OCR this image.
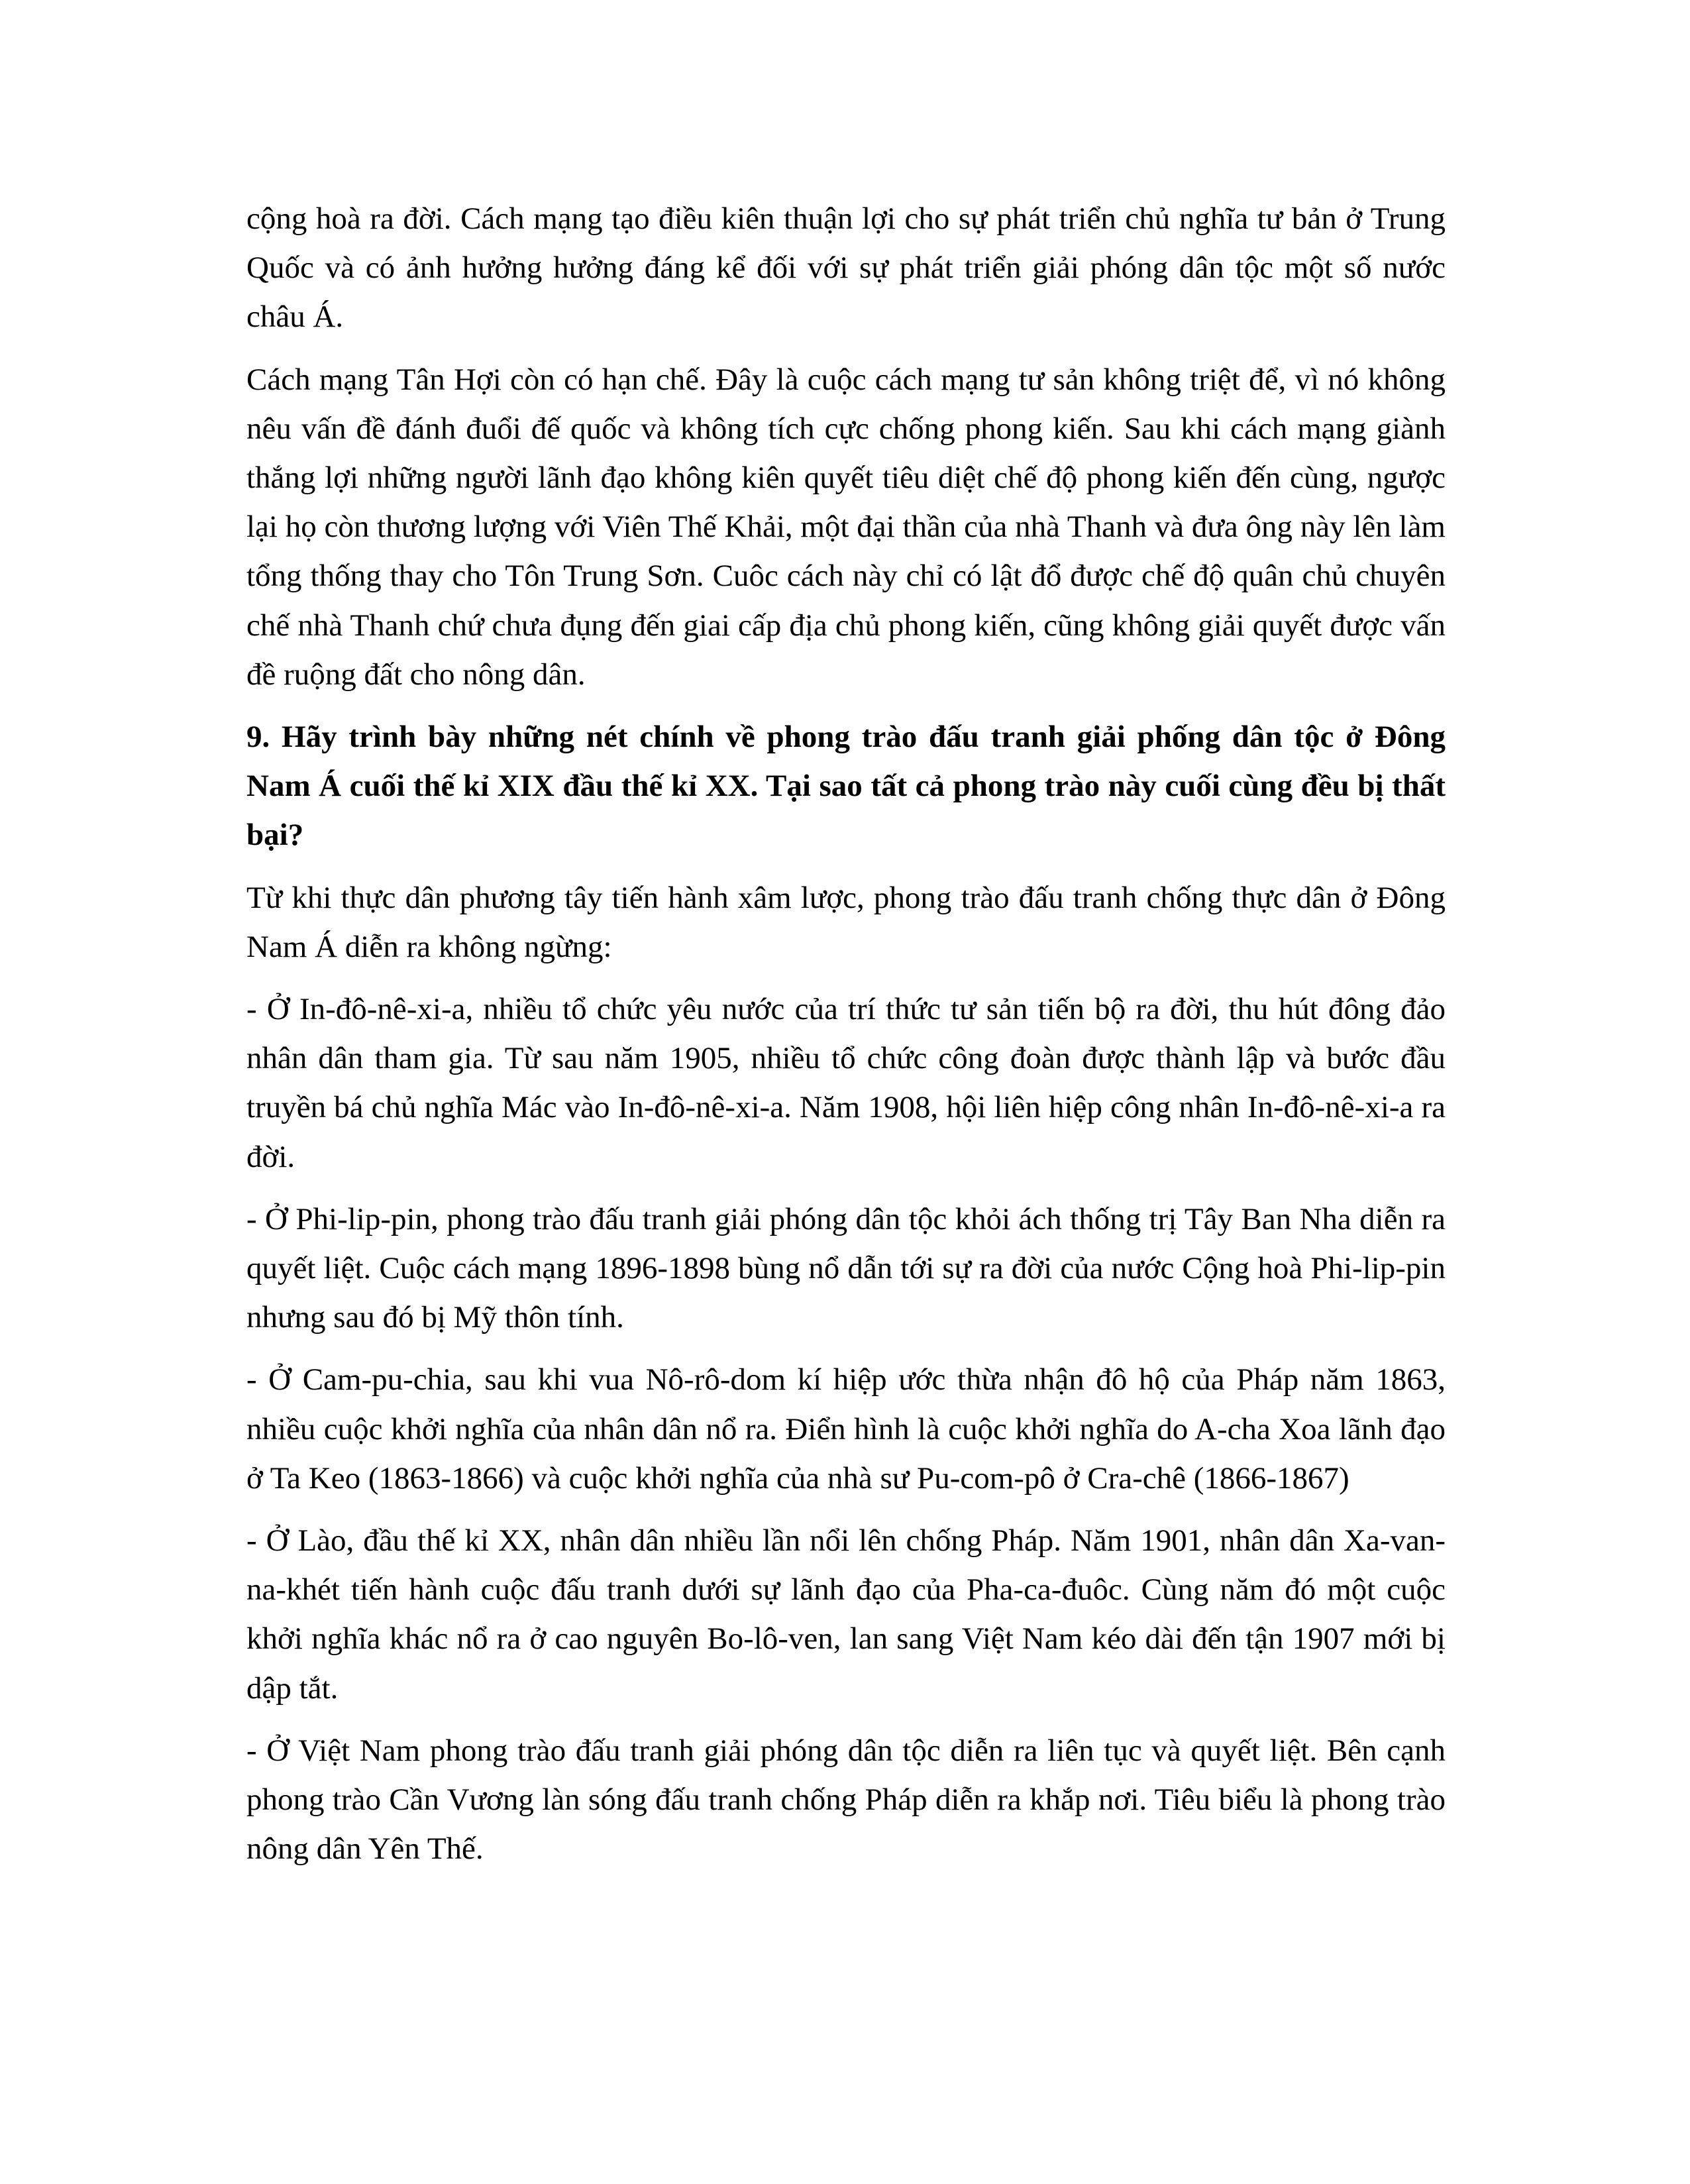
cộng hoà ra đời. Cách mạng tạo điều kiên thuận lợi cho sự phát triển chủ nghĩa tư bản ở Trung Quốc và có ảnh hưởng hưởng đáng kể đối với sự phát triển giải phóng dân tộc một số nước châu Á.

Cách mạng Tân Hợi còn có hạn chế. Đây là cuộc cách mạng tư sản không triệt để, vì nó không nêu vấn đề đánh đuổi đế quốc và không tích cực chống phong kiến. Sau khi cách mạng giành thắng lợi những người lãnh đạo không kiên quyết tiêu diệt chế độ phong kiến đến cùng, ngược lại họ còn thương lượng với Viên Thế Khải, một đại thần của nhà Thanh và đưa ông này lên làm tổng thống thay cho Tôn Trung Sơn. Cuôc cách này chỉ có lật đổ được chế độ quân chủ chuyên chế nhà Thanh chứ chưa đụng đến giai cấp địa chủ phong kiến, cũng không giải quyết được vấn đề ruộng đất cho nông dân.

9. Hãy trình bày những nét chính về phong trào đấu tranh giải phống dân tộc ở Đông Nam Á cuối thế kỉ XIX đầu thế kỉ XX. Tại sao tất cả phong trào này cuối cùng đều bị thất bại?

Từ khi thực dân phương tây tiến hành xâm lược, phong trào đấu tranh chống thực dân ở Đông Nam Á diễn ra không ngừng:

- Ở In-đô-nê-xi-a, nhiều tổ chức yêu nước của trí thức tư sản tiến bộ ra đời, thu hút đông đảo nhân dân tham gia. Từ sau năm 1905, nhiều tổ chức công đoàn được thành lập và bước đầu truyền bá chủ nghĩa Mác vào In-đô-nê-xi-a. Năm 1908, hội liên hiệp công nhân In-đô-nê-xi-a ra đời.

- Ở Phi-lip-pin, phong trào đấu tranh giải phóng dân tộc khỏi ách thống trị Tây Ban Nha diễn ra quyết liệt. Cuộc cách mạng 1896-1898 bùng nổ dẫn tới sự ra đời của nước Cộng hoà Phi-lip-pin nhưng sau đó bị Mỹ thôn tính.

- Ở Cam-pu-chia, sau khi vua Nô-rô-dom kí hiệp ước thừa nhận đô hộ của Pháp năm 1863, nhiều cuộc khởi nghĩa của nhân dân nổ ra. Điển hình là cuộc khởi nghĩa do A-cha Xoa lãnh đạo ở Ta Keo (1863-1866) và cuộc khởi nghĩa của nhà sư Pu-com-pô ở Cra-chê (1866-1867)

- Ở Lào, đầu thế kỉ XX, nhân dân nhiều lần nổi lên chống Pháp. Năm 1901, nhân dân Xa-van-na-khét tiến hành cuộc đấu tranh dưới sự lãnh đạo của Pha-ca-đuôc. Cùng năm đó một cuộc khởi nghĩa khác nổ ra ở cao nguyên Bo-lô-ven, lan sang Việt Nam kéo dài đến tận 1907 mới bị dập tắt.

- Ở Việt Nam phong trào đấu tranh giải phóng dân tộc diễn ra liên tục và quyết liệt. Bên cạnh phong trào Cần Vương làn sóng đấu tranh chống Pháp diễn ra khắp nơi. Tiêu biểu là phong trào nông dân Yên Thế.
